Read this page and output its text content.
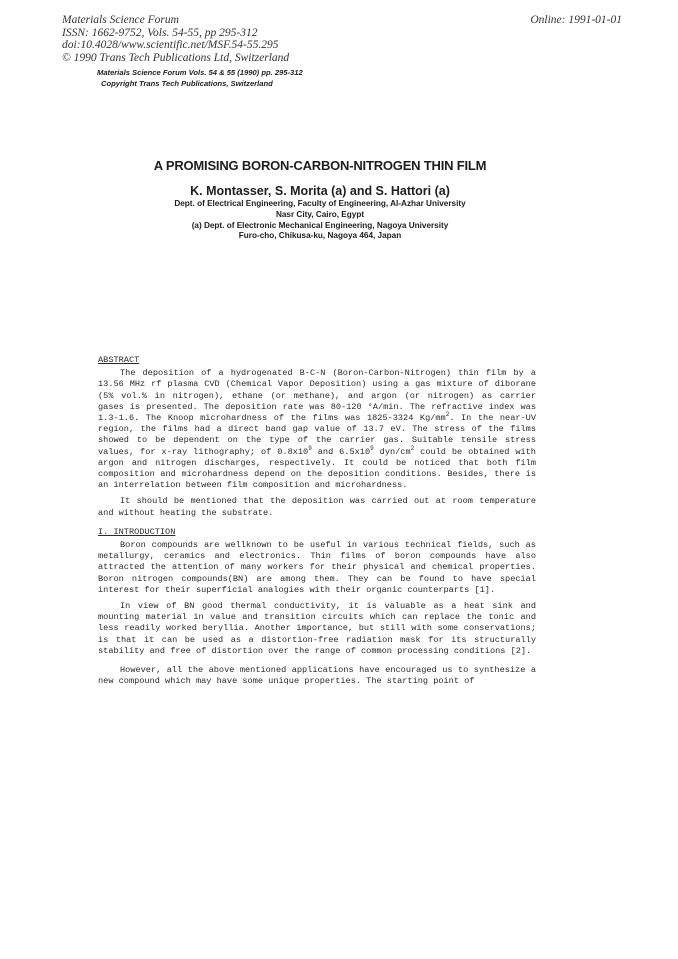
Materials Science Forum
ISSN: 1662-9752, Vols. 54-55, pp 295-312
doi:10.4028/www.scientific.net/MSF.54-55.295
© 1990 Trans Tech Publications Ltd, Switzerland
Online: 1991-01-01
Materials Science Forum Vols. 54 & 55 (1990) pp. 295-312
Copyright Trans Tech Publications, Switzerland
A PROMISING BORON-CARBON-NITROGEN THIN FILM
K. Montasser, S. Morita (a) and S. Hattori (a)
Dept. of Electrical Engineering, Faculty of Engineering, Al-Azhar University
Nasr City, Cairo, Egypt
(a) Dept. of Electronic Mechanical Engineering, Nagoya University
Furo-cho, Chikusa-ku, Nagoya 464, Japan

ABSTRACT

The deposition of a hydrogenated B-C-N (Boron-Carbon-Nitrogen) thin film by a 13.56 MHz rf plasma CVD (Chemical Vapor Deposition) using a gas mixture of diborane (5% vol.% in nitrogen), ethane (or methane), and argon (or nitrogen) as carrier gases is presented. The deposition rate was 80-120 °A/min. The refractive index was 1.3-1.6. The Knoop microhardness of the films was 1825-3324 $Kg/mm^2$. In the near-UV region, the films had a direct band gap value of 13.7 eV. The stress of the films showed to be dependent on the type of the carrier gas. Suitable tensile stress values, for x-ray lithography; of $0.8x10^9$ and $6.5x10^9$ dyn/$cm^2$ could be obtained with argon and nitrogen discharges, respectively. It could be noticed that both film composition and microhardness depend on the deposition conditions. Besides, there is an interrelation between film composition and microhardness.

It should be mentioned that the deposition was carried out at room temperature and without heating the substrate.

I. INTRODUCTION

Boron compounds are wellknown to be useful in various technical fields, such as metallurgy, ceramics and electronics. Thin films of boron compounds have also attracted the attention of many workers for their physical and chemical properties. Boron nitrogen compounds(BN) are among them. They can be found to have special interest for their superficial analogies with their organic counterparts [1].

In view of BN good thermal conductivity, it is valuable as a heat sink and mounting material in value and transition circuits which can replace the tonic and less readily worked beryllia. Another importance, but still with some conservations; is that it can be used as a distortion-free radiation mask for its structurally stability and free of distortion over the range of common processing conditions [2].

However, all the above mentioned applications have encouraged us to synthesize a new compound which may have some unique properties. The starting point of
